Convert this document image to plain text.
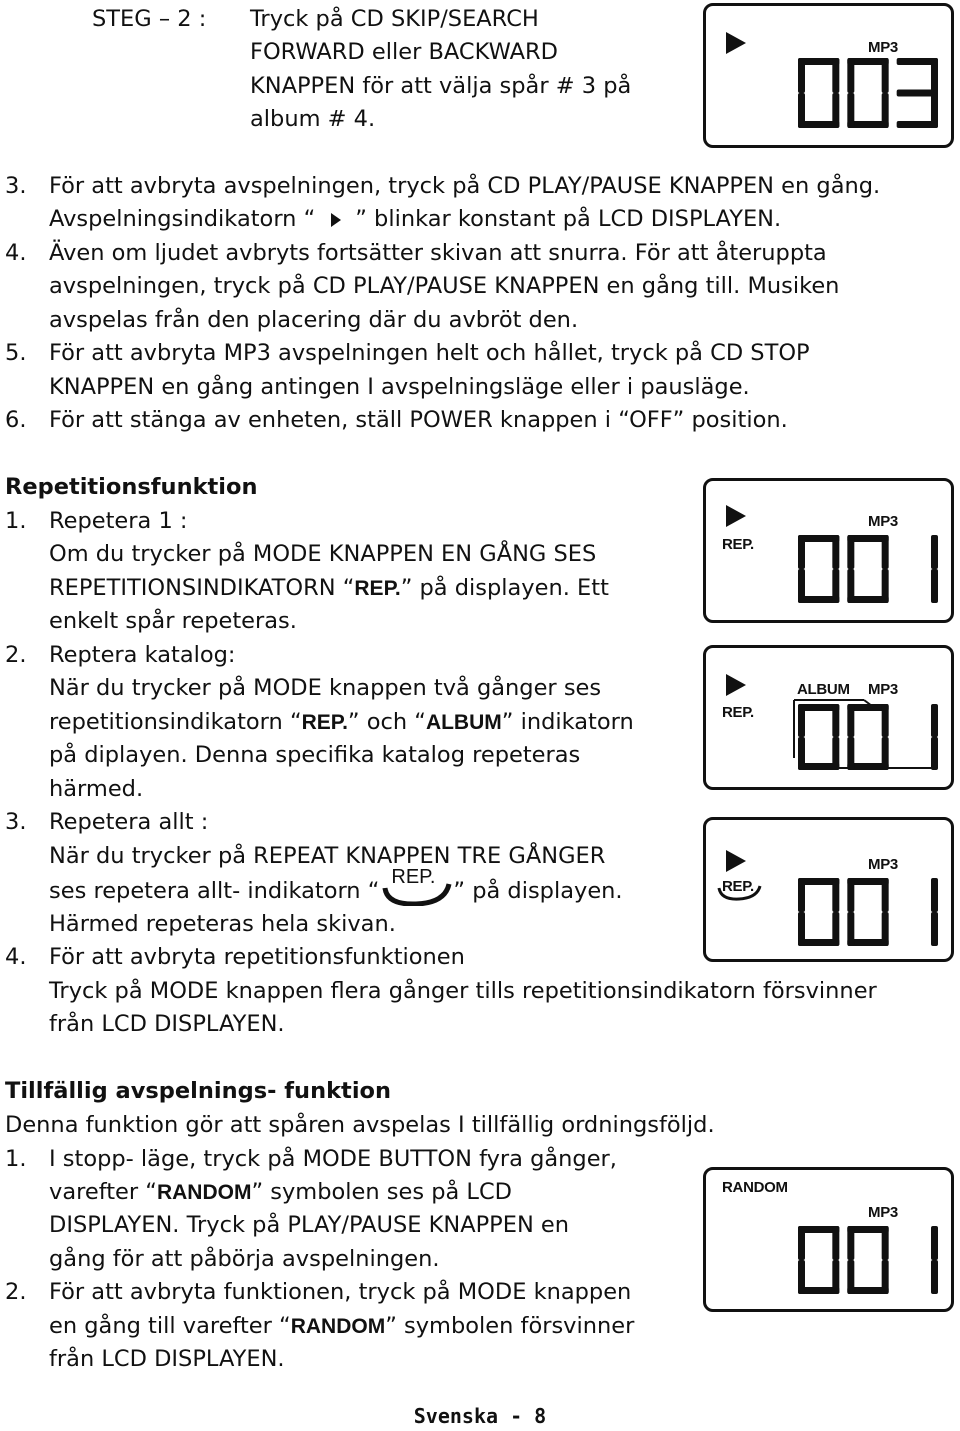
STEG – 2 : Tryck på CD SKIP/SEARCH
FORWARD eller BACKWARD
KNAPPEN för att välja spår # 3 på
album # 4.
MP3
3. För att avbryta avspelningen, tryck på CD PLAY/PAUSE KNAPPEN en gång.
Avspelningsindikatorn “ ” blinkar konstant på LCD DISPLAYEN.
4. Även om ljudet avbryts fortsätter skivan att snurra. För att återuppta
avspelningen, tryck på CD PLAY/PAUSE KNAPPEN en gång till. Musiken
avspelas från den placering där du avbröt den.
5. För att avbryta MP3 avspelningen helt och hållet, tryck på CD STOP
KNAPPEN en gång antingen I avspelningsläge eller i pausläge.
6. För att stänga av enheten, ställ POWER knappen i “OFF” position.
Repetitionsfunktion
1. Repetera 1 :
Om du trycker på MODE KNAPPEN EN GÅNG SES
REPETITIONSINDIKATORN “REP.” på displayen. Ett
enkelt spår repeteras.
2. Reptera katalog:
När du trycker på MODE knappen två gånger ses
repetitionsindikatorn “REP.” och “ALBUM” indikatorn
på diplayen. Denna specifika katalog repeteras
härmed.
3. Repetera allt :
När du trycker på REPEAT KNAPPEN TRE GÅNGER
ses repetera allt- indikatorn “
REP.
” på displayen.
Härmed repeteras hela skivan.
4. För att avbryta repetitionsfunktionen
Tryck på MODE knappen flera gånger tills repetitionsindikatorn försvinner
från LCD DISPLAYEN.
MP3
REP.
ALBUM MP3
REP.
MP3
REP.
Tillfällig avspelnings- funktion
Denna funktion gör att spåren avspelas I tillfällig ordningsföljd.
1. I stopp- läge, tryck på MODE BUTTON fyra gånger,
varefter “RANDOM” symbolen ses på LCD
DISPLAYEN. Tryck på PLAY/PAUSE KNAPPEN en
gång för att påbörja avspelningen.
2. För att avbryta funktionen, tryck på MODE knappen
en gång till varefter “RANDOM” symbolen försvinner
från LCD DISPLAYEN.
RANDOM
MP3
Svenska - 8
